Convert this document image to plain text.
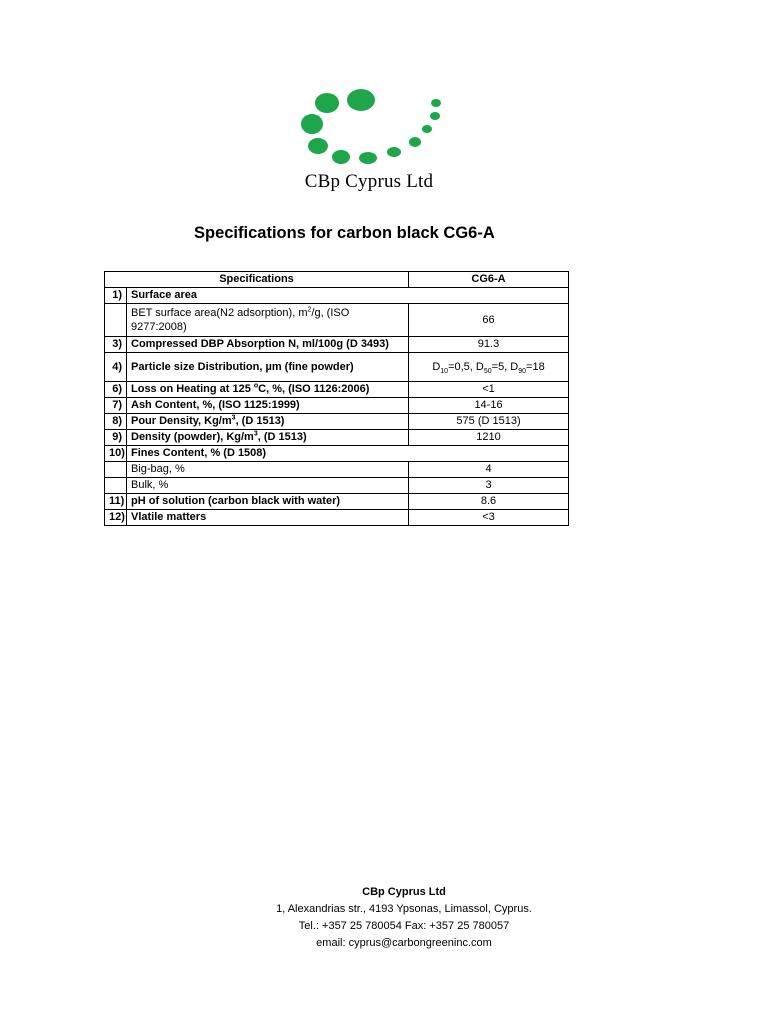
CBp Cyprus Ltd
Specifications for carbon black CG6-A
Specifications		CG6-A
1)	Surface area	
	BET surface area(N2 adsorption), $m^2/g$, (ISO 9277:2008)	66
3)	Compressed DBP Absorption N, ml/100g (D 3493)	91.3
4)	Particle size Distribution, µm (fine powder)	$D_{10}=0,5$, $D_{50}=5$, $D_{90}=18$
6)	Loss on Heating at 125 $^o$C, %, (ISO 1126:2006)	<1
7)	Ash Content, %, (ISO 1125:1999)	14-16
8)	Pour Density, $Kg/m^3$, (D 1513)	575 (D 1513)
9)	Density (powder), $Kg/m^3$, (D 1513)	1210
10)	Fines Content, % (D 1508)	
	Big-bag, %	4
	Bulk, %	3
11)	pH of solution (carbon black with water)	8.6
12)	Vlatile matters	<3
CBp Cyprus Ltd
1, Alexandrias str., 4193 Ypsonas, Limassol, Cyprus.
Tel.: +357 25 780054 Fax: +357 25 780057
email: cyprus@carbongreeninc.com
